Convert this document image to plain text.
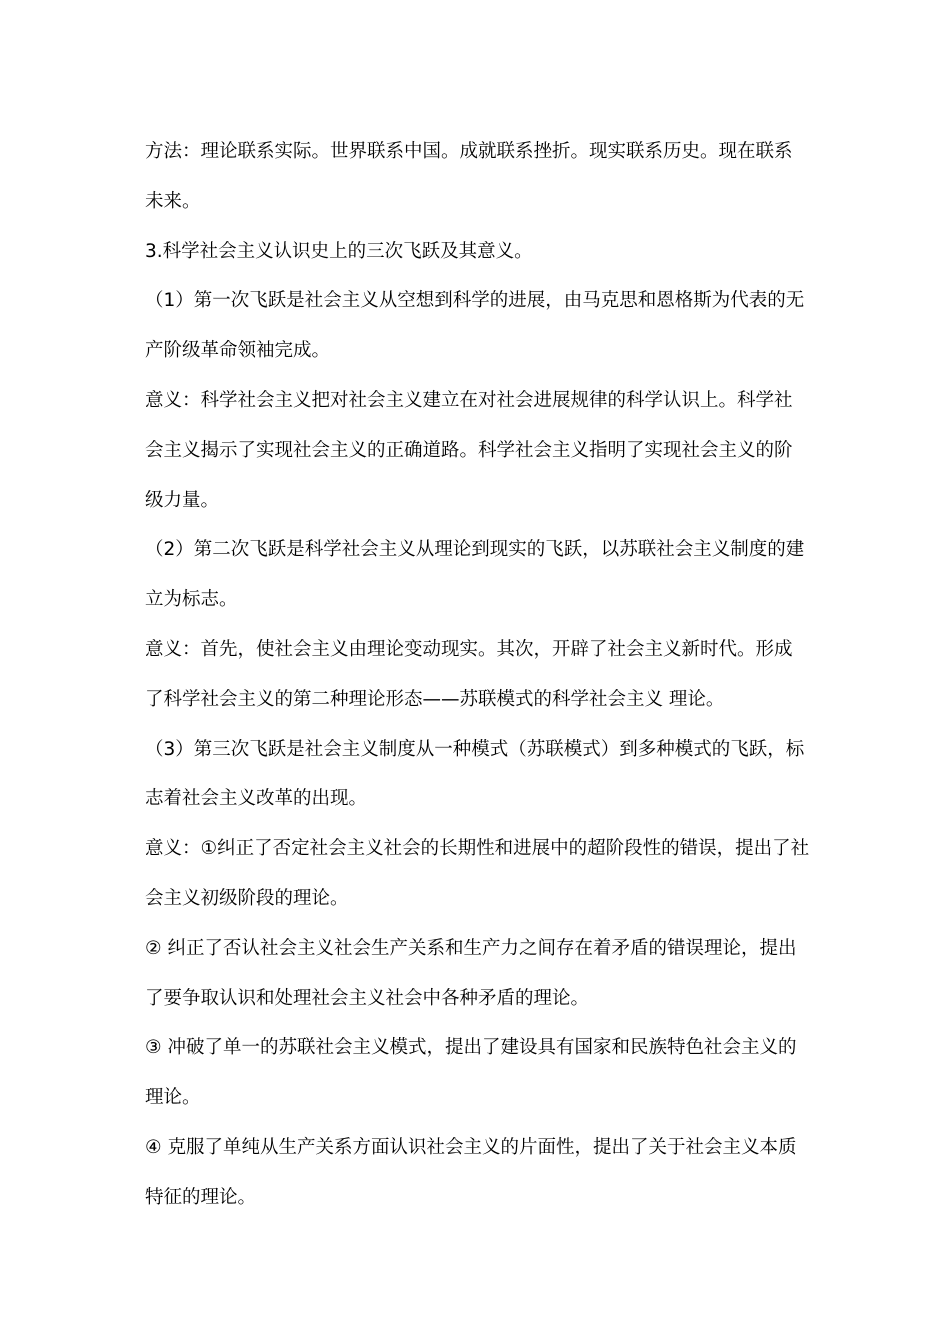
方法：理论联系实际。世界联系中国。成就联系挫折。现实联系历史。现在联系未来。

3.科学社会主义认识史上的三次飞跃及其意义。

（1）第一次飞跃是社会主义从空想到科学的进展，由马克思和恩格斯为代表的无产阶级革命领袖完成。

意义：科学社会主义把对社会主义建立在对社会进展规律的科学认识上。科学社会主义揭示了实现社会主义的正确道路。科学社会主义指明了实现社会主义的阶级力量。

（2）第二次飞跃是科学社会主义从理论到现实的飞跃，以苏联社会主义制度的建立为标志。

意义：首先，使社会主义由理论变动现实。其次，开辟了社会主义新时代。形成了科学社会主义的第二种理论形态——苏联模式的科学社会主义 理论。

（3）第三次飞跃是社会主义制度从一种模式（苏联模式）到多种模式的飞跃，标志着社会主义改革的出现。

意义：①纠正了否定社会主义社会的长期性和进展中的超阶段性的错误，提出了社会主义初级阶段的理论。

② 纠正了否认社会主义社会生产关系和生产力之间存在着矛盾的错误理论，提出了要争取认识和处理社会主义社会中各种矛盾的理论。

③ 冲破了单一的苏联社会主义模式，提出了建设具有国家和民族特色社会主义的理论。

④ 克服了单纯从生产关系方面认识社会主义的片面性，提出了关于社会主义本质特征的理论。
